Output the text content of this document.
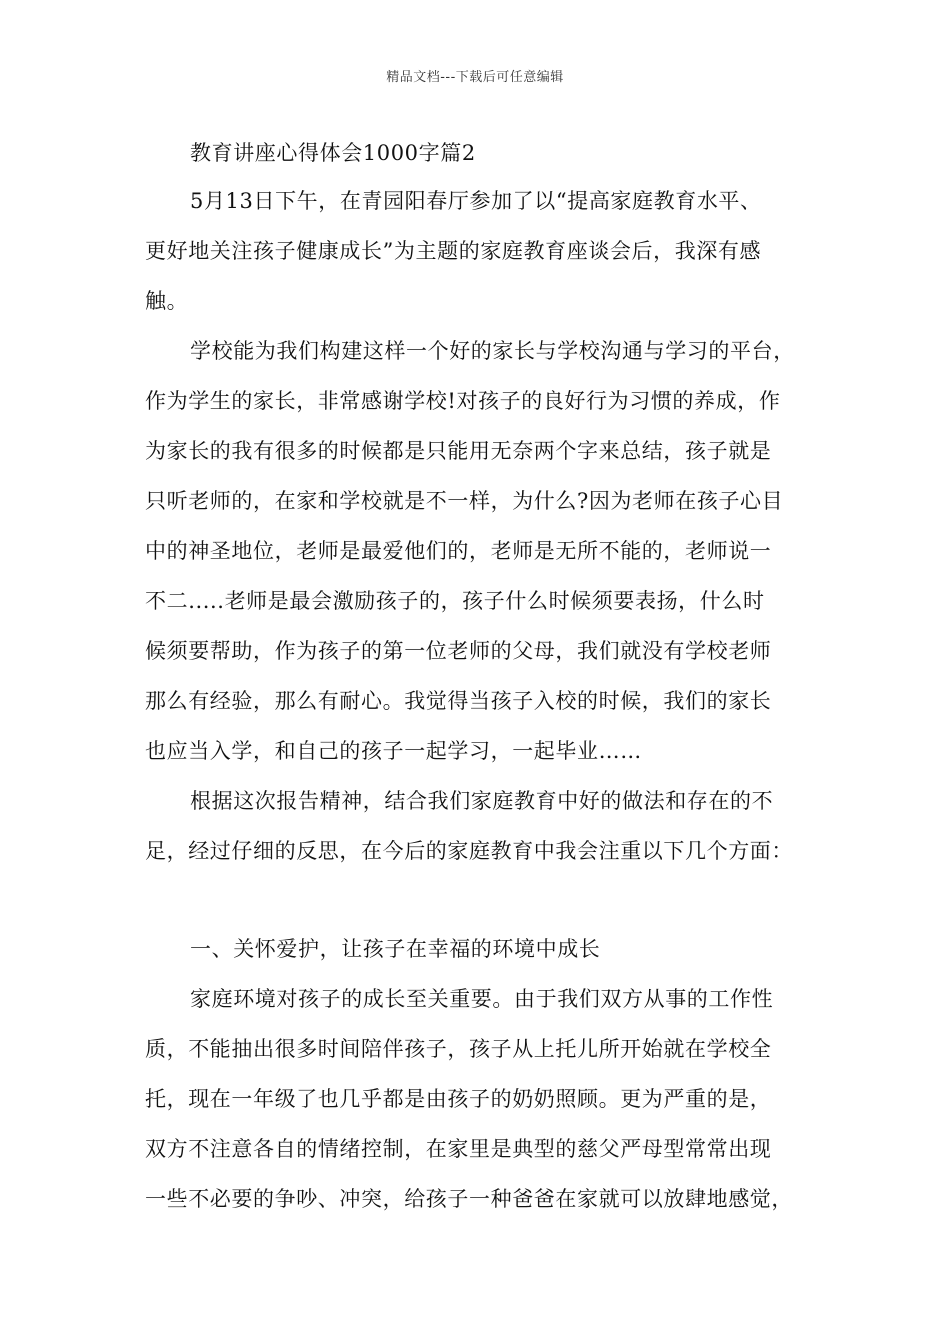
精品文档---下载后可任意编辑
教育讲座心得体会1000字篇2
5月13日下午，在青园阳春厅参加了以“提高家庭教育水平、
更好地关注孩子健康成长”为主题的家庭教育座谈会后，我深有感
触。
学校能为我们构建这样一个好的家长与学校沟通与学习的平台，
作为学生的家长，非常感谢学校!对孩子的良好行为习惯的养成，作
为家长的我有很多的时候都是只能用无奈两个字来总结，孩子就是
只听老师的，在家和学校就是不一样，为什么?因为老师在孩子心目
中的神圣地位，老师是最爱他们的，老师是无所不能的，老师说一
不二.....老师是最会激励孩子的，孩子什么时候须要表扬，什么时
候须要帮助，作为孩子的第一位老师的父母，我们就没有学校老师
那么有经验，那么有耐心。我觉得当孩子入校的时候，我们的家长
也应当入学，和自己的孩子一起学习，一起毕业……
根据这次报告精神，结合我们家庭教育中好的做法和存在的不
足，经过仔细的反思，在今后的家庭教育中我会注重以下几个方面：
一、关怀爱护，让孩子在幸福的环境中成长
家庭环境对孩子的成长至关重要。由于我们双方从事的工作性
质，不能抽出很多时间陪伴孩子，孩子从上托儿所开始就在学校全
托，现在一年级了也几乎都是由孩子的奶奶照顾。更为严重的是，
双方不注意各自的情绪控制，在家里是典型的慈父严母型常常出现
一些不必要的争吵、冲突，给孩子一种爸爸在家就可以放肆地感觉，
